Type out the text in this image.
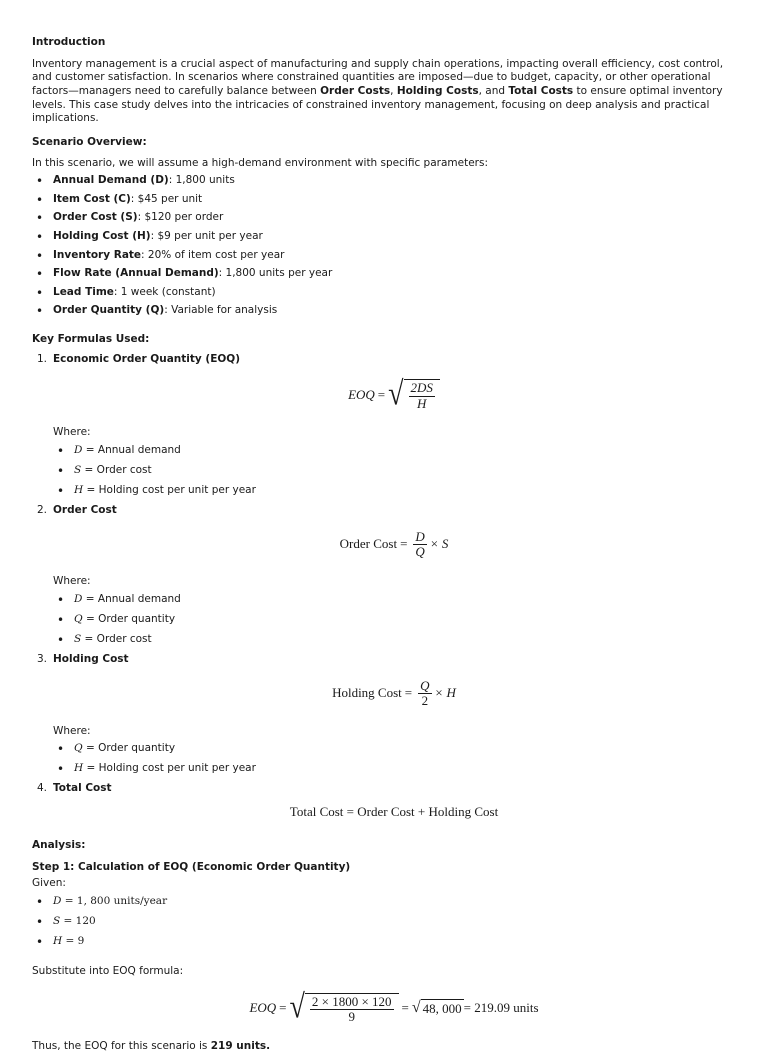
Introduction

Inventory management is a crucial aspect of manufacturing and supply chain operations, impacting overall efficiency, cost control, and customer satisfaction. In scenarios where constrained quantities are imposed—due to budget, capacity, or other operational factors—managers need to carefully balance between Order Costs, Holding Costs, and Total Costs to ensure optimal inventory levels. This case study delves into the intricacies of constrained inventory management, focusing on deep analysis and practical implications.

Scenario Overview:

In this scenario, we will assume a high-demand environment with specific parameters:

• Annual Demand (D): 1,800 units
• Item Cost (C): $45 per unit
• Order Cost (S): $120 per order
• Holding Cost (H): $9 per unit per year
• Inventory Rate: 20% of item cost per year
• Flow Rate (Annual Demand): 1,800 units per year
• Lead Time: 1 week (constant)
• Order Quantity (Q): Variable for analysis

Key Formulas Used:

1. Economic Order Quantity (EOQ)
EOQ = √ $\frac{2DS}{H}$

Where:

• D = Annual demand
• S = Order cost
• H = Holding cost per unit per year
2. Order Cost
Order Cost = $\frac{D}{Q} \times S$

Where:

• D = Annual demand
• Q = Order quantity
• S = Order cost
3. Holding Cost
Holding Cost = $\frac{Q}{2} \times H$

Where:

• Q = Order quantity
• H = Holding cost per unit per year
4. Total Cost
Total Cost = Order Cost + Holding Cost

Analysis:

Step 1: Calculation of EOQ (Economic Order Quantity)

Given:

• D = 1, 800 units/year
• S = 120
• H = 9

Substitute into EOQ formula:

EOQ = √ $\frac{2 \times 1800 \times 120}{9}$ = √ 48, 000 = 219.09 units

Thus, the EOQ for this scenario is 219 units.
